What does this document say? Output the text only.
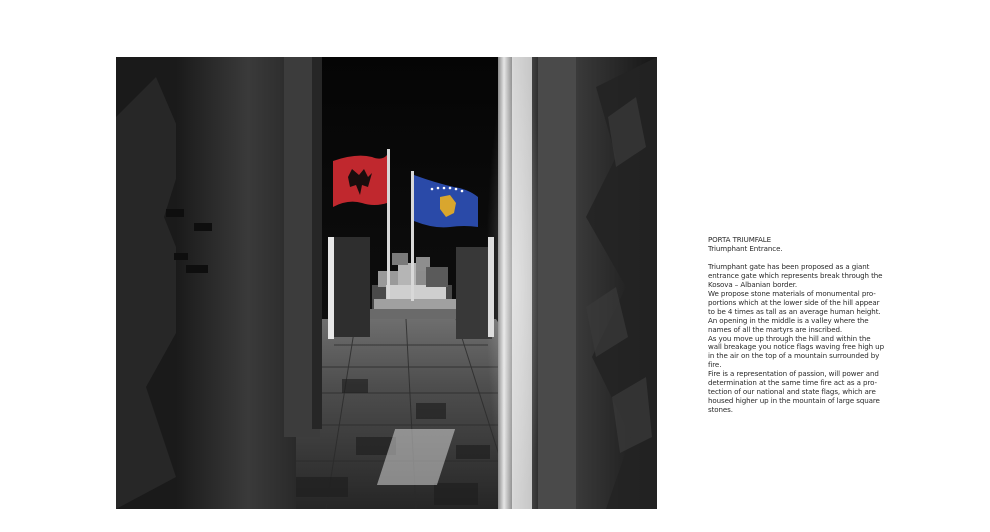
PORTA TRIUMFALE

Triumphant Entrance.

Triumphant gate has been proposed as a giant
entrance gate which represents break through the
Kosova – Albanian border.
We propose stone materials of monumental pro-
portions which at the lower side of the hill appear
to be 4 times as tall as an average human height.
An opening in the middle is a valley where the
names of all the martyrs are inscribed.
As you move up through the hill and within the
wall breakage you notice flags waving free high up
in the air on the top of a mountain surrounded by
fire.
Fire is a representation of passion, will power and
determination at the same time fire act as a pro-
tection of our national and state flags, which are
housed higher up in the mountain of large square
stones.
